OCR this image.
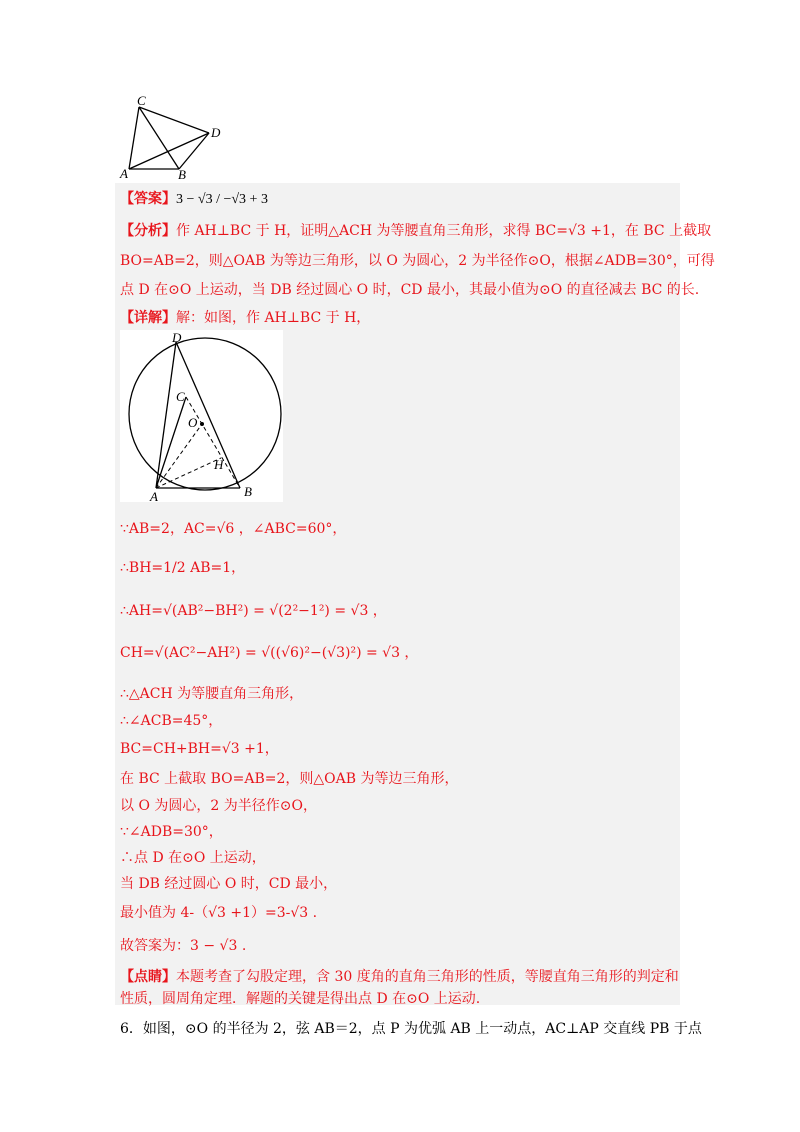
C
D
A	B
【答案】3 − √3 / −√3 + 3
【分析】作 AH⊥BC 于 H，证明△ACH 为等腰直角三角形，求得 BC=√3 +1，在 BC 上截取
BO=AB=2，则△OAB 为等边三角形，以 O 为圆心，2 为半径作⊙O，根据∠ADB=30°，可得
点 D 在⊙O 上运动，当 DB 经过圆心 O 时，CD 最小，其最小值为⊙O 的直径减去 BC 的长.
【详解】解：如图，作 AH⊥BC 于 H，
D
C
O
H
A	B
∵AB=2，AC=√6 ，∠ABC=60°，
∴BH=1/2 AB=1，
∴AH=√(AB²−BH²) = √(2²−1²) = √3 ，
CH=√(AC²−AH²) = √((√6)²−(√3)²) = √3 ，
∴△ACH 为等腰直角三角形，
∴∠ACB=45°，
BC=CH+BH=√3 +1，
在 BC 上截取 BO=AB=2，则△OAB 为等边三角形，
以 O 为圆心，2 为半径作⊙O，
∵∠ADB=30°，
∴点 D 在⊙O 上运动，
当 DB 经过圆心 O 时，CD 最小，
最小值为 4-（√3 +1）=3-√3 .
故答案为：3 − √3 .
【点睛】本题考查了勾股定理，含 30 度角的直角三角形的性质，等腰直角三角形的判定和
性质，圆周角定理．解题的关键是得出点 D 在⊙O 上运动.
6．如图，⊙O 的半径为 2，弦 AB＝2，点 P 为优弧 AB 上一动点，AC⊥AP 交直线 PB 于点
